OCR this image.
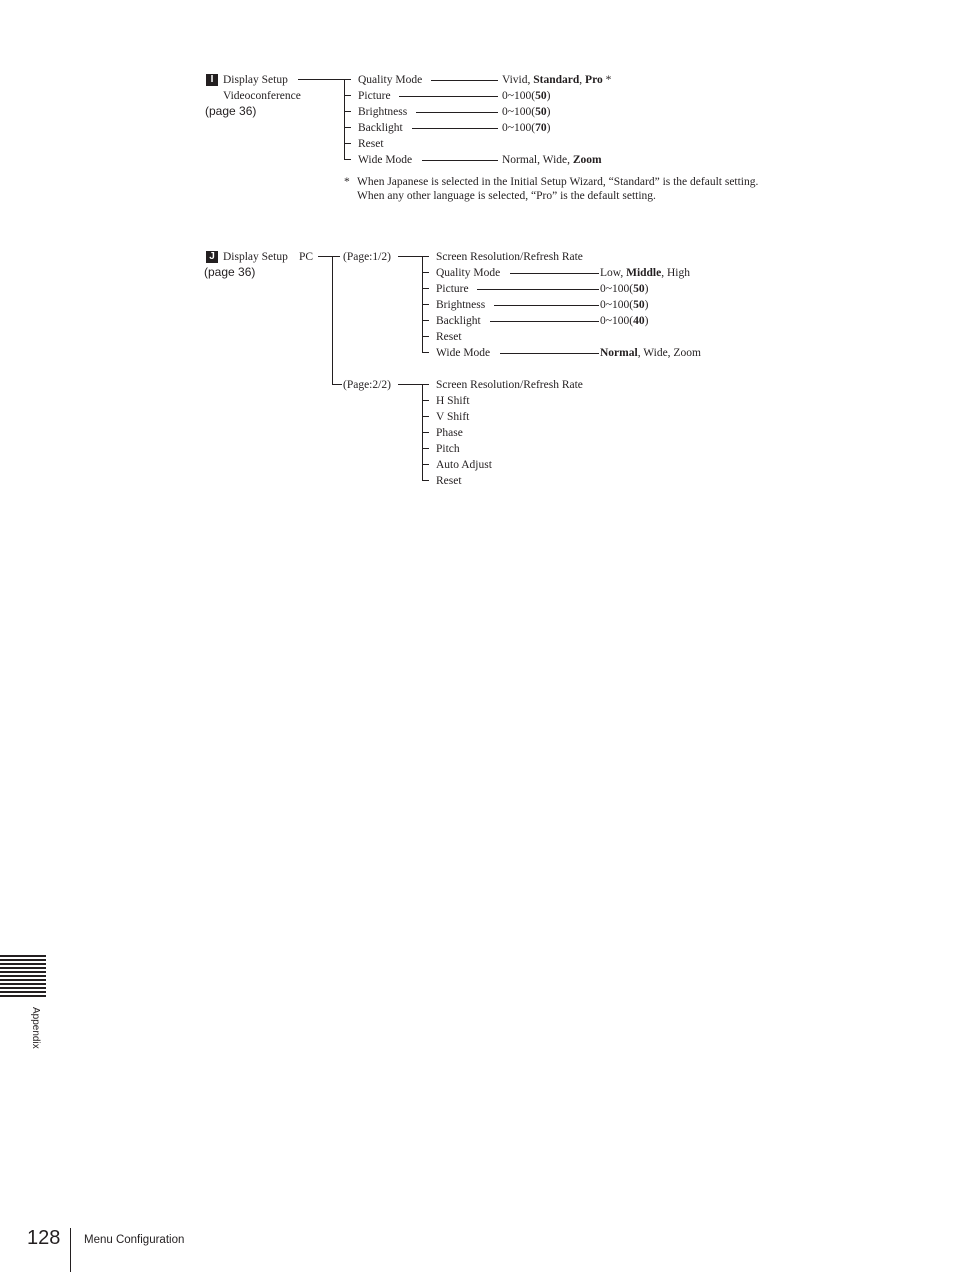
I Display Setup
Videoconference
(page 36)
Quality Mode	Vivid, Standard, Pro *
Picture	0~100(50)
Brightness	0~100(50)
Backlight	0~100(70)
Reset
Wide Mode	Normal, Wide, Zoom
* When Japanese is selected in the Initial Setup Wizard, “Standard” is the default setting. When any other language is selected, “Pro” is the default setting.
J Display Setup PC
(page 36)
(Page:1/2)	Screen Resolution/Refresh Rate
Quality Mode	Low, Middle, High
Picture	0~100(50)
Brightness	0~100(50)
Backlight	0~100(40)
Reset
Wide Mode	Normal, Wide, Zoom
(Page:2/2)	Screen Resolution/Refresh Rate
H Shift
V Shift
Phase
Pitch
Auto Adjust
Reset
Appendix
128 Menu Configuration
